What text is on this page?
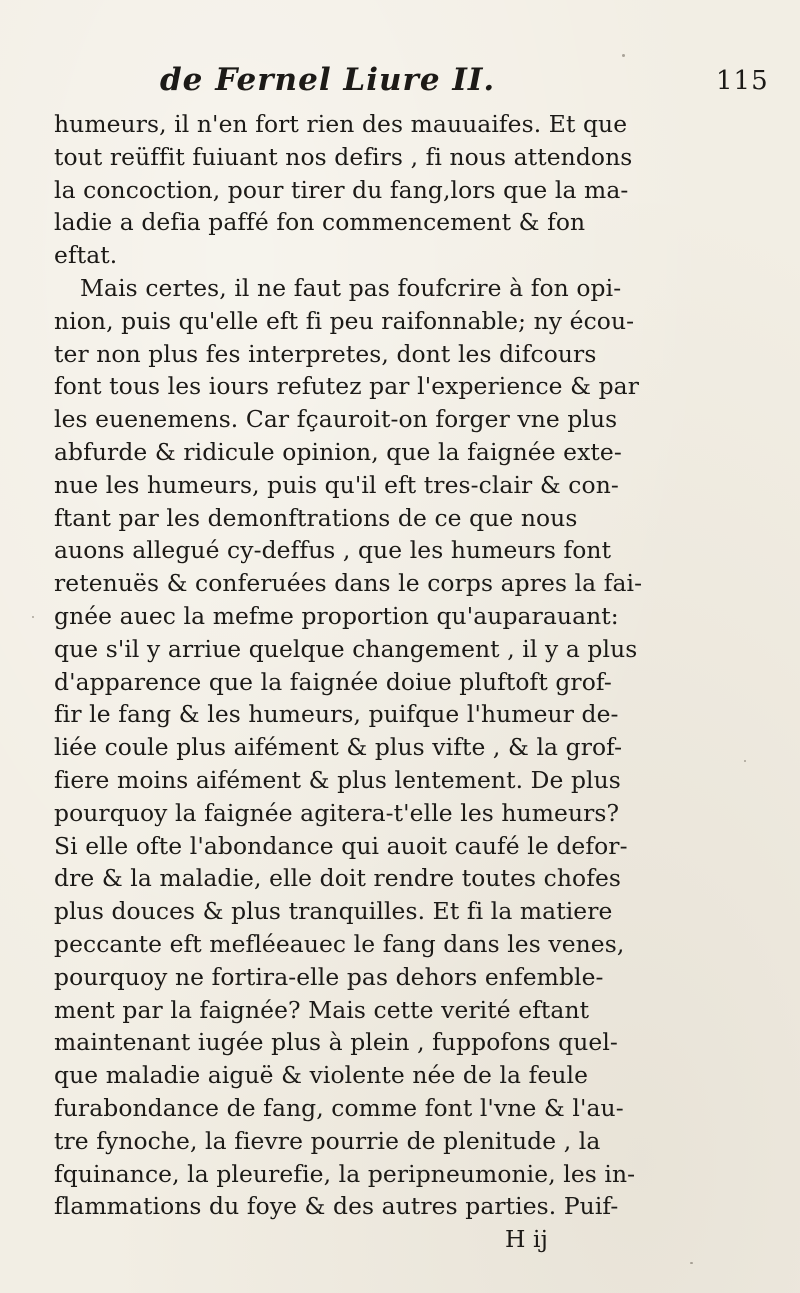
de Fernel Liure II.	115
humeurs, il n'en fort rien des mauuaifes. Et que
tout reüffit fuiuant nos defirs , fi nous attendons
la concoction, pour tirer du fang,lors que la ma-
ladie a defia paffé fon commencement & fon
eftat.
Mais certes, il ne faut pas foufcrire à fon opi-
nion, puis qu'elle eft fi peu raifonnable; ny écou-
ter non plus fes interpretes, dont les difcours
font tous les iours refutez par l'experience & par
les euenemens. Car fçauroit-on forger vne plus
abfurde & ridicule opinion, que la faignée exte-
nue les humeurs, puis qu'il eft tres-clair & con-
ftant par les demonftrations de ce que nous
auons allegué cy-deffus , que les humeurs font
retenuës & conferuées dans le corps apres la fai-
gnée auec la mefme proportion qu'auparauant:
que s'il y arriue quelque changement , il y a plus
d'apparence que la faignée doiue pluftoft grof-
fir le fang & les humeurs, puifque l'humeur de-
liée coule plus aifément & plus vifte , & la grof-
fiere moins aifément & plus lentement. De plus
pourquoy la faignée agitera-t'elle les humeurs?
Si elle ofte l'abondance qui auoit caufé le defor-
dre & la maladie, elle doit rendre toutes chofes
plus douces & plus tranquilles. Et fi la matiere
peccante eft mefléeauec le fang dans les venes,
pourquoy ne fortira-elle pas dehors enfemble-
ment par la faignée? Mais cette verité eftant
maintenant iugée plus à plein , fuppofons quel-
que maladie aiguë & violente née de la feule
furabondance de fang, comme font l'vne & l'au-
tre fynoche, la fievre pourrie de plenitude , la
fquinance, la pleurefie, la peripneumonie, les in-
flammations du foye & des autres parties. Puif-
H ij
